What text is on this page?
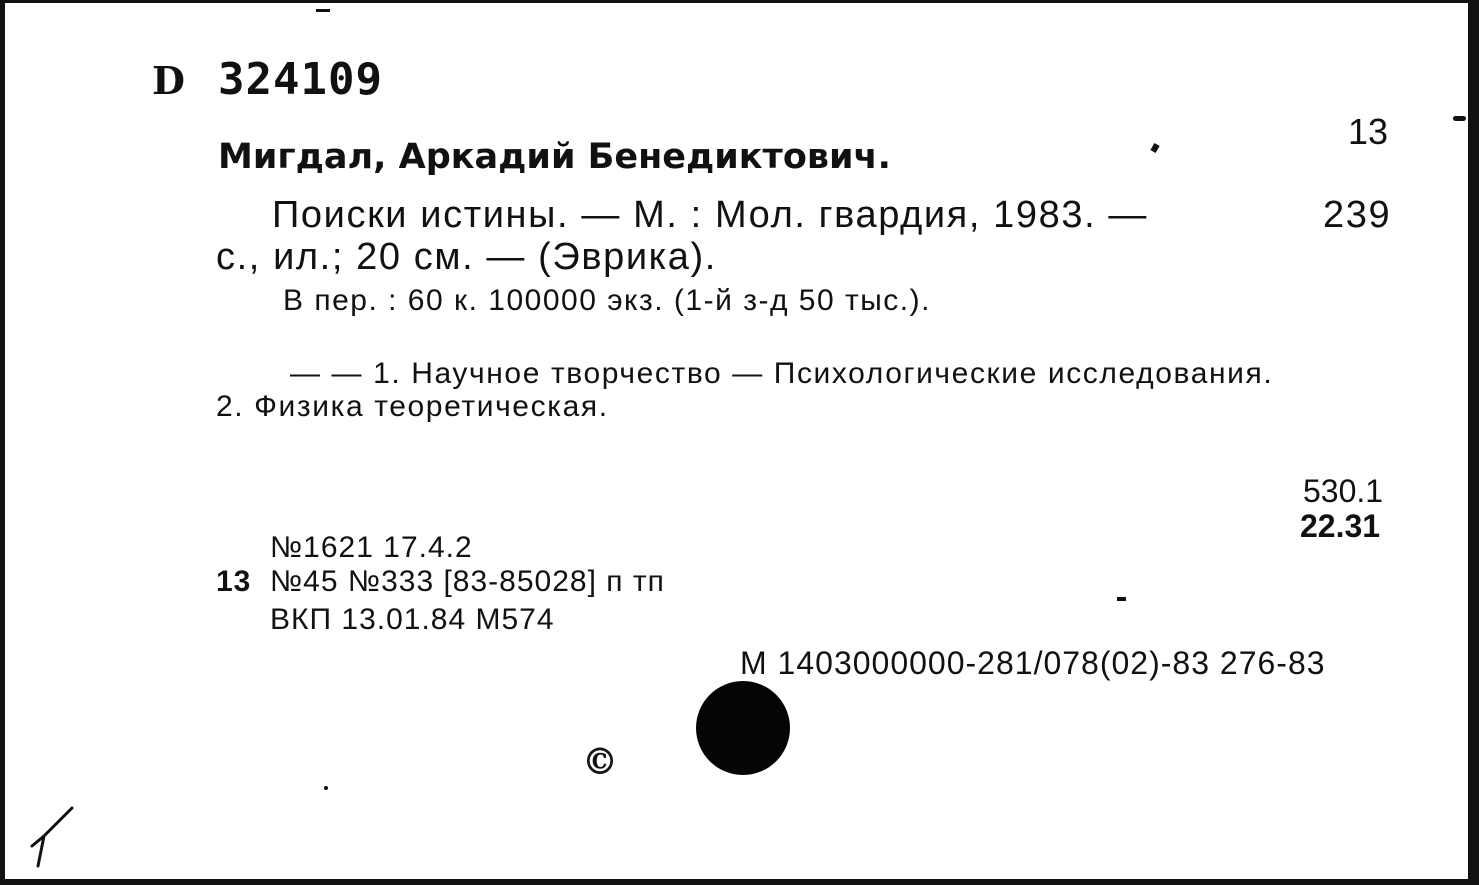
D 324109
13
Мигдал, Аркадий Бенедиктович.
Поиски истины. — М. : Мол. гвардия, 1983. —	239
с., ил.; 20 см. — (Эврика).
В пер. : 60 к. 100000 экз. (1-й з-д 50 тыс.).
— — 1. Научное творчество — Психологические исследования.
2. Физика теоретическая.
530.1
22.31
№1621 17.4.2
13 №45 №333 [83-85028] п тп
ВКП 13.01.84 М574
М 1403000000-281/078(02)-83 276-83
©
